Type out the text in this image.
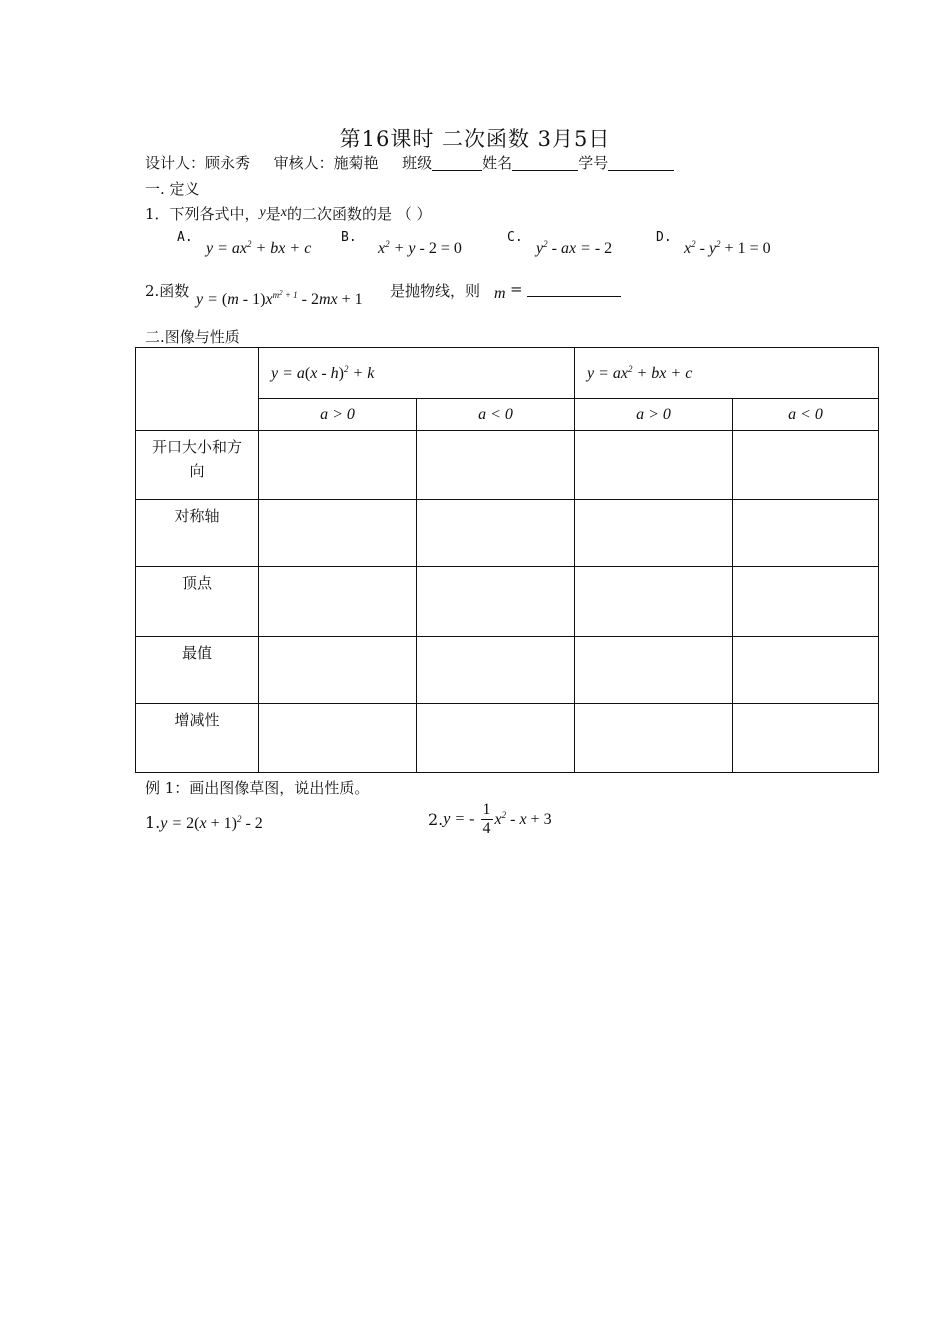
第16课时 二次函数 3月5日
设计人：顾永秀 审核人：施菊艳 班级	姓名	学号
一. 定义
1．下列各式中，y是x的二次函数的是 （ ）
A.
$y = ax^2$ + bx + c
B.
$x^2 + y - 2 = 0$
C.
$y^2$ - ax = - 2
D.
$x^2 - y^2 + 1 = 0$
2.函数 $y = (m - 1)x^{m^2 + 1} - 2mx + 1$ 是抛物线，则 m =
二.图像与性质
	y = a(x - h)$^2$ + k		$y = ax^2$ + bx + c	
	a > 0	a < 0	a > 0	a < 0

开口大小和方向				

对称轴				
顶点				
最值				
增减性				
例 1：画出图像草图，说出性质。
$1.y = 2(x + 1)^2 - 2$	2.y = - $\frac{1}{4} x^2 - x + 3$
